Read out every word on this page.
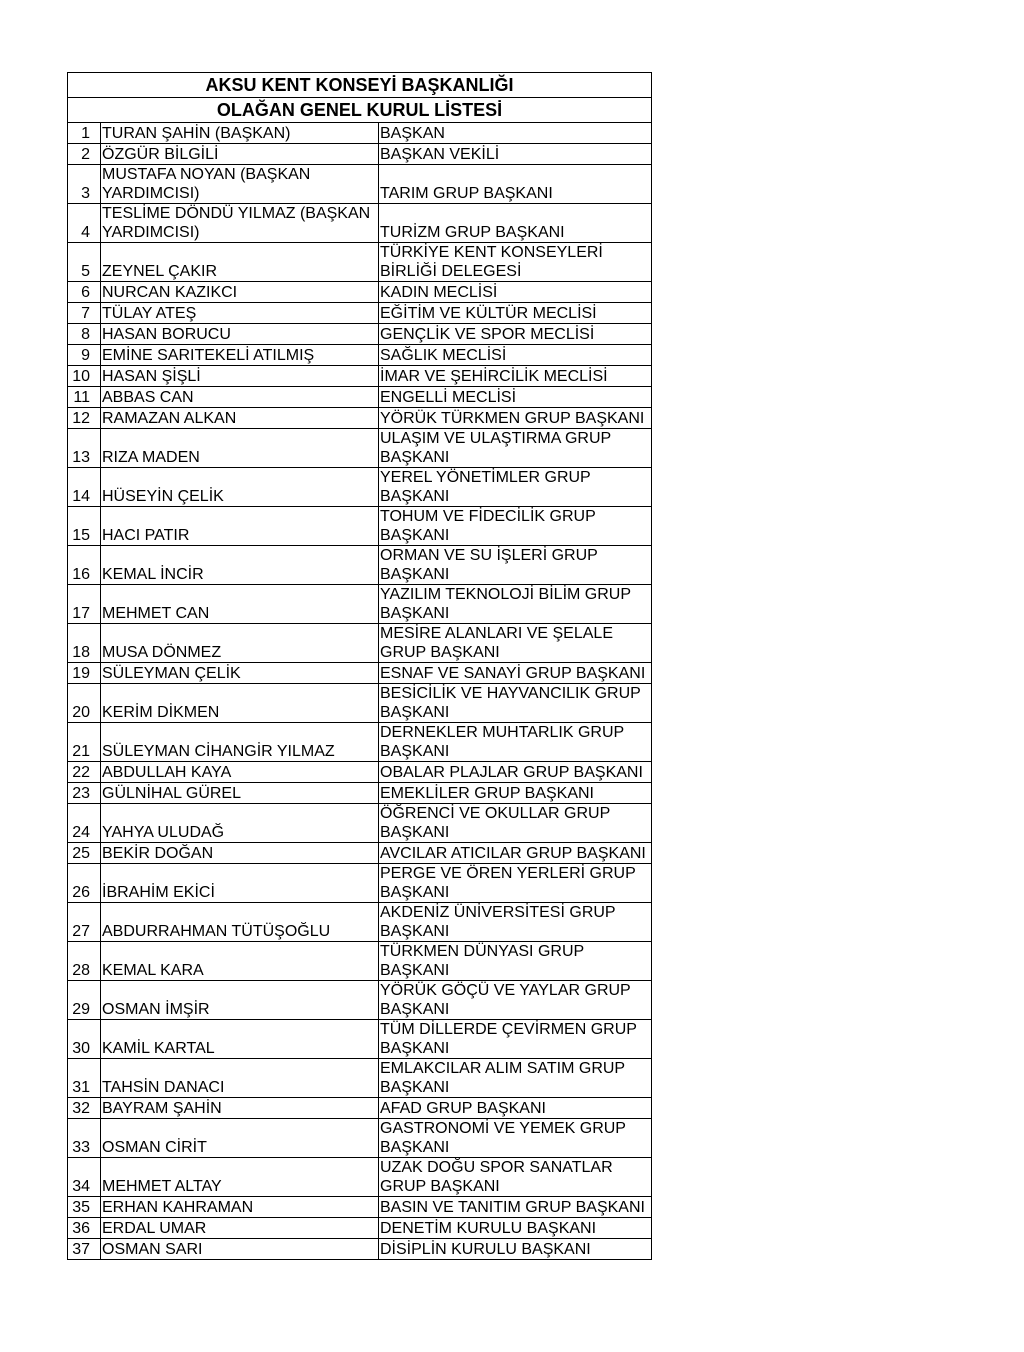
AKSU KENT KONSEYİ BAŞKANLIĞI		
OLAĞAN GENEL KURUL LİSTESİ		
1	TURAN ŞAHİN (BAŞKAN)	BAŞKAN
2	ÖZGÜR BİLGİLİ	BAŞKAN VEKİLİ
3	MUSTAFA NOYAN (BAŞKAN YARDIMCISI)	TARIM GRUP BAŞKANI
4	TESLİME DÖNDÜ YILMAZ (BAŞKAN YARDIMCISI)	TURİZM GRUP BAŞKANI
5	ZEYNEL ÇAKIR	TÜRKİYE KENT KONSEYLERİ BİRLİĞİ DELEGESİ
6	NURCAN KAZIKCI	KADIN MECLİSİ
7	TÜLAY ATEŞ	EĞİTİM VE KÜLTÜR MECLİSİ
8	HASAN BORUCU	GENÇLİK VE SPOR MECLİSİ
9	EMİNE SARITEKELİ ATILMIŞ	SAĞLIK MECLİSİ
10	HASAN ŞİŞLİ	İMAR VE ŞEHİRCİLİK MECLİSİ
11	ABBAS CAN	ENGELLİ MECLİSİ
12	RAMAZAN ALKAN	YÖRÜK TÜRKMEN GRUP BAŞKANI
13	RIZA MADEN	ULAŞIM VE ULAŞTIRMA GRUP BAŞKANI
14	HÜSEYİN ÇELİK	YEREL YÖNETİMLER GRUP BAŞKANI
15	HACI PATIR	TOHUM VE FİDECİLİK GRUP BAŞKANI
16	KEMAL İNCİR	ORMAN VE SU İŞLERİ GRUP BAŞKANI
17	MEHMET CAN	YAZILIM TEKNOLOJİ BİLİM GRUP BAŞKANI
18	MUSA DÖNMEZ	MESİRE ALANLARI VE ŞELALE GRUP BAŞKANI
19	SÜLEYMAN ÇELİK	ESNAF VE SANAYİ GRUP BAŞKANI
20	KERİM DİKMEN	BESİCİLİK VE HAYVANCILIK GRUP BAŞKANI
21	SÜLEYMAN CİHANGİR YILMAZ	DERNEKLER MUHTARLIK GRUP BAŞKANI
22	ABDULLAH KAYA	OBALAR PLAJLAR GRUP BAŞKANI
23	GÜLNİHAL GÜREL	EMEKLİLER GRUP BAŞKANI
24	YAHYA ULUDAĞ	ÖĞRENCİ VE OKULLAR GRUP BAŞKANI
25	BEKİR DOĞAN	AVCILAR ATICILAR GRUP BAŞKANI
26	İBRAHİM EKİCİ	PERGE VE ÖREN YERLERİ GRUP BAŞKANI
27	ABDURRAHMAN TÜTÜŞOĞLU	AKDENİZ ÜNİVERSİTESİ GRUP BAŞKANI
28	KEMAL KARA	TÜRKMEN DÜNYASI GRUP BAŞKANI
29	OSMAN İMŞİR	YÖRÜK GÖÇÜ VE YAYLAR GRUP BAŞKANI
30	KAMİL KARTAL	TÜM DİLLERDE ÇEVİRMEN GRUP BAŞKANI
31	TAHSİN DANACI	EMLAKCILAR ALIM SATIM GRUP BAŞKANI
32	BAYRAM ŞAHİN	AFAD GRUP BAŞKANI
33	OSMAN CİRİT	GASTRONOMİ VE YEMEK GRUP BAŞKANI
34	MEHMET ALTAY	UZAK DOĞU SPOR SANATLAR GRUP BAŞKANI
35	ERHAN KAHRAMAN	BASIN VE TANITIM GRUP BAŞKANI
36	ERDAL UMAR	DENETİM KURULU BAŞKANI
37	OSMAN SARI	DİSİPLİN KURULU BAŞKANI
